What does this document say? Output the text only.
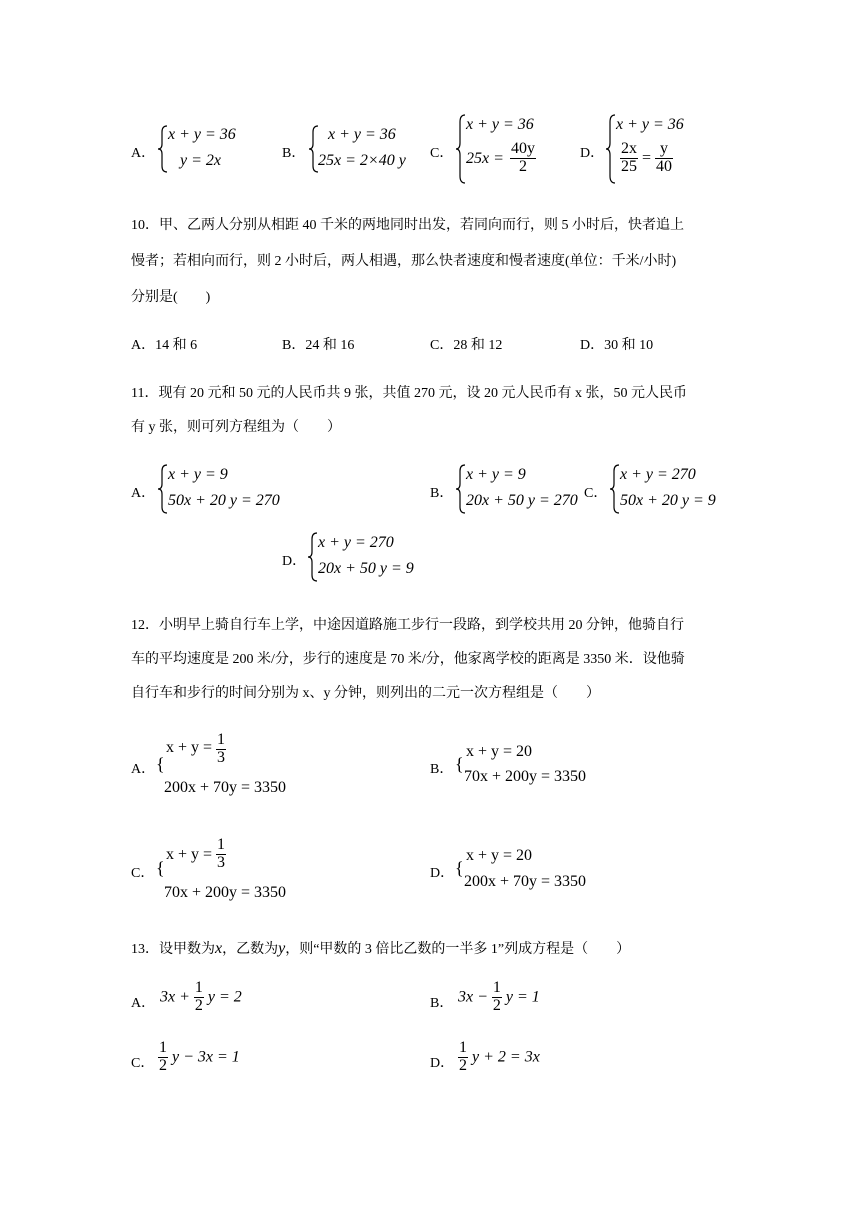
A．
x + y = 36
y = 2x	B．
x + y = 36
25x = 2×40 y C．
x + y = 36
$25x = \frac{40y}{2}$	D．
x + y = 36
$\frac{2x}{25} = \frac{y}{40}$
10．甲、乙两人分别从相距 40 千米的两地同时出发，若同向而行，则 5 小时后，快者追上
慢者；若相向而行，则 2 小时后，两人相遇，那么快者速度和慢者速度(单位：千米/小时)
分别是(　　)
A．14 和 6	B．24 和 16	C．28 和 12	D．30 和 10
11．现有 20 元和 50 元的人民币共 9 张，共值 270 元，设 20 元人民币有 x 张，50 元人民币
有 y 张，则可列方程组为（　　）
A．
x + y = 9
50x + 20 y = 270	B．
x + y = 9
20x + 50 y = 270 C．
x + y = 270
50x + 20 y = 9
D．
x + y = 270
20x + 50 y = 9
12．小明早上骑自行车上学，中途因道路施工步行一段路，到学校共用 20 分钟，他骑自行
车的平均速度是 200 米/分，步行的速度是 70 米/分，他家离学校的距离是 3350 米．设他骑
自行车和步行的时间分别为 x、y 分钟，则列出的二元一次方程组是（　　）
A． {
$x + y = \frac{1}{3}$
200x + 70y = 3350
B． {
x + y = 20
70x + 200y = 3350
C． {
$x + y = \frac{1}{3}$
70x + 200y = 3350
D． {
x + y = 20
200x + 70y = 3350
13．设甲数为x，乙数为y，则“甲数的 3 倍比乙数的一半多 1”列成方程是（　　）
A． $3x + \frac{1}{2}$ y = 2	B． $3x - \frac{1}{2}$ y = 1
C． $\frac{1}{2}$ y − 3x = 1	D． $\frac{1}{2}$ y + 2 = 3x
